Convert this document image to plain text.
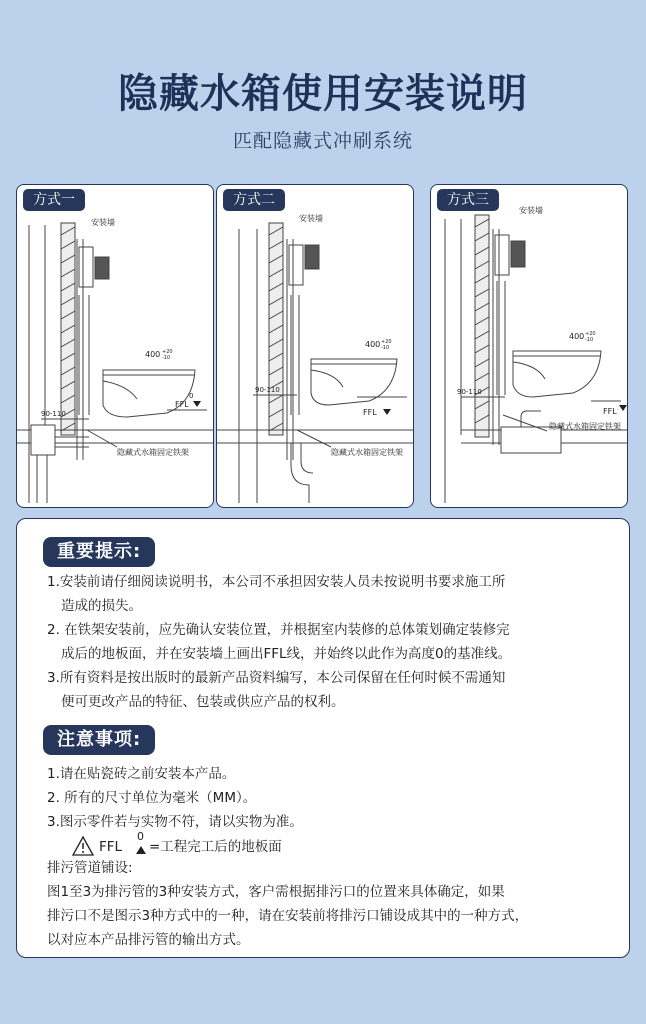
隐藏水箱使用安装说明
匹配隐藏式冲刷系统
安装墙
400 +20
-10
90-110
FFL
0
隐藏式水箱固定铁架
方式一
安装墙
400 +20
-10
90-110
FFL
隐藏式水箱固定铁架
方式二
安装墙
400 +20
-10
90-110
FFL
隐藏式水箱固定铁架
方式三
重要提示:
1.安装前请仔细阅读说明书，本公司不承担因安装人员未按说明书要求施工所
造成的损失。
2. 在铁架安装前，应先确认安装位置，并根据室内装修的总体策划确定装修完
成后的地板面，并在安装墙上画出FFL线，并始终以此作为高度0的基准线。
3.所有资料是按出版时的最新产品资料编写，本公司保留在任何时候不需通知
便可更改产品的特征、包装或供应产品的权利。
注意事项:
1.请在贴瓷砖之前安装本产品。
2. 所有的尺寸单位为毫米（MM）。
3.图示零件若与实物不符，请以实物为准。
FFL
0
=工程完工后的地板面
排污管道铺设:
图1至3为排污管的3种安装方式，客户需根据排污口的位置来具体确定，如果
排污口不是图示3种方式中的一种，请在安装前将排污口铺设成其中的一种方式，
以对应本产品排污管的输出方式。
